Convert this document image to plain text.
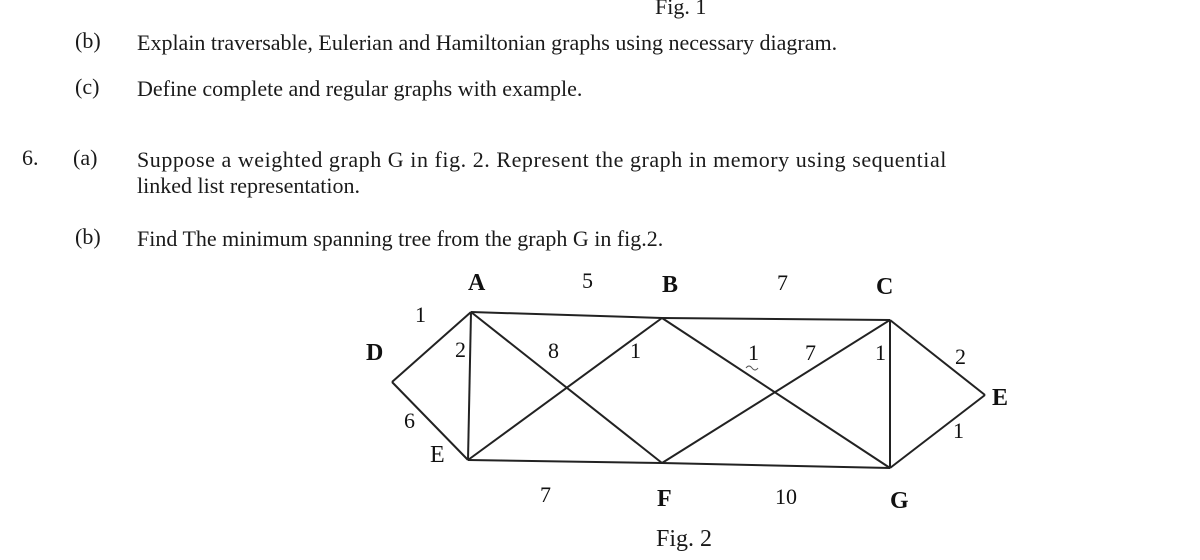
Fig. 1
(b) Explain traversable, Eulerian and Hamiltonian graphs using necessary diagram.
(c) Define complete and regular graphs with example.
6. (a) Suppose a weighted graph G in fig. 2. Represent the graph in memory using sequential
linked list representation.
(b) Find The minimum spanning tree from the graph G in fig.2.
A	B	C
D
E
E
F	G
5	7
1
2	8	1	1 7	1	2
6	1
7	10
Fig. 2
